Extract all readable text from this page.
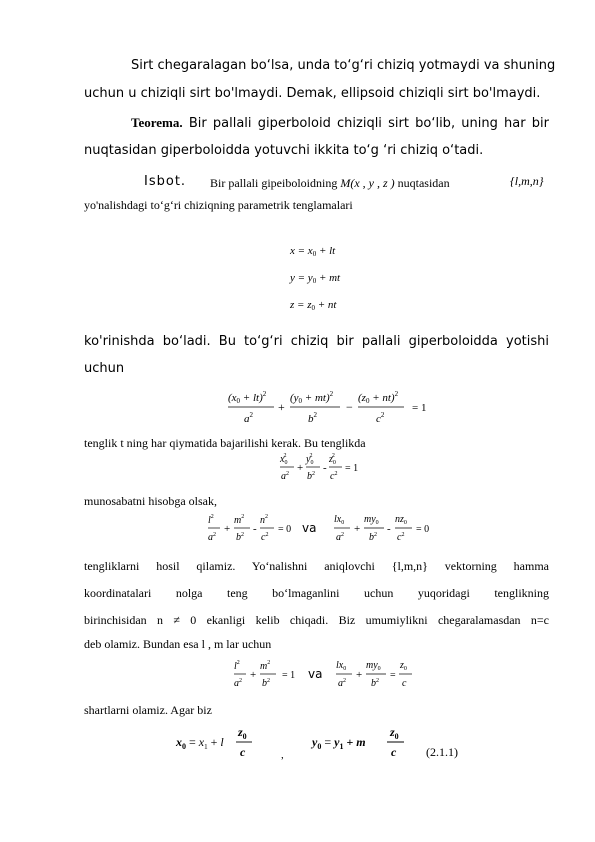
Sirt chegaralagan bo‘lsa, unda to‘g‘ri chiziq yotmaydi va shuning
uchun u chiziqli sirt bo'lmaydi. Demak, ellipsoid chiziqli sirt bo'lmaydi.
Teorema. Bir pallali giperboloid chiziqli sirt bo‘lib, uning har bir
nuqtasidan giperboloidda yotuvchi ikkita to‘g ‘ri chiziq o‘tadi.
Isbot. Bir pallali gipeiboloidning M(x , y , z ) nuqtasidan	{l,m,n}
yo'nalishdagi to‘g‘ri chiziqning parametrik tenglamalari
x = x0 + lt
y = y0 + mt
z = z0 + nt
ko'rinishda bo‘ladi. Bu to‘g‘ri chiziq bir pallali giperboloidda yotishi
uchun
(x0 + lt)$^2$
$a^2$
+
(y0 + mt)$^2$
$b^2$
−
(z0 + nt)$^2$
$c^2$
= 1
tenglik t ning har qiymatida bajarilishi kerak. Bu tenglikda
$x_02$
$a^2$ +
$y_02$
$b^2$ -
$z_02$
$c^2 = 1$
munosabatni hisobga olsak,
$l^2$
$a^2$ +
$m^2$
$b^2$ -
$n^2$
$c^2 = 0$ va
$lx_0$
$a^2$ +
$my_0$
$b^2$ -
$nz_0$
$c^2 = 0$
tengliklarni hosil qilamiz. Yo‘nalishni aniqlovchi {l,m,n} vektorning hamma
koordinatalari nolga teng bo‘lmaganlini uchun yuqoridagi tenglikning
birinchisidan n ≠ 0 ekanligi kelib chiqadi. Biz umumiylikni chegaralamasdan n=c
deb olamiz. Bundan esa l , m lar uchun
$l^2$
$a^2$ +
$m^2$
$b^2 = 1$ va
$lx_0$
$a^2$ +
$my_0$
$b^2$ =
$z_0$
c
shartlarni olamiz. Agar biz
$x_0 = x_1 + l$
$z_0$
c	,
$y_0 = y_1 + m$
$z_0$
c (2.1.1)
